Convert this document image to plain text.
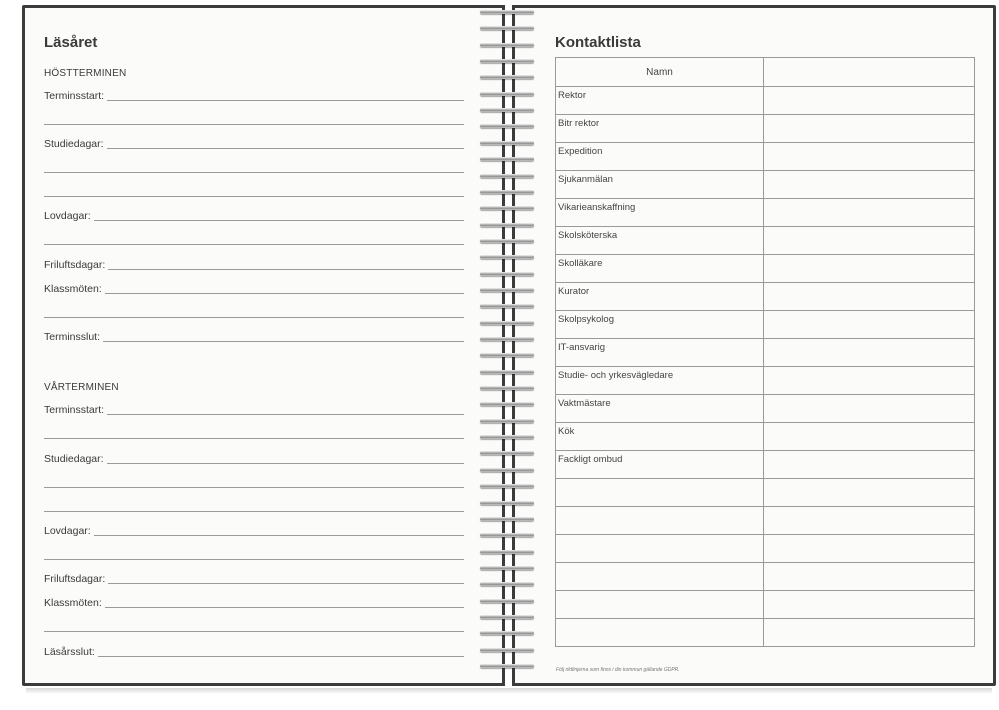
Läsåret
HÖSTTERMINEN
Terminsstart:
Studiedagar:
Lovdagar:
Friluftsdagar:
Klassmöten:
Terminsslut:
VÅRTERMINEN
Terminsstart:
Studiedagar:
Lovdagar:
Friluftsdagar:
Klassmöten:
Läsårsslut:
Kontaktlista
Namn	
Rektor	
Bitr rektor	
Expedition	
Sjukanmälan	
Vikarieanskaffning	
Skolsköterska	
Skolläkare	
Kurator	
Skolpsykolog	
IT-ansvarig	
Studie- och yrkesvägledare	
Vaktmästare	
Kök	
Fackligt ombud	

Följ riktlinjerna som finns i din kommun gällande GDPR.
